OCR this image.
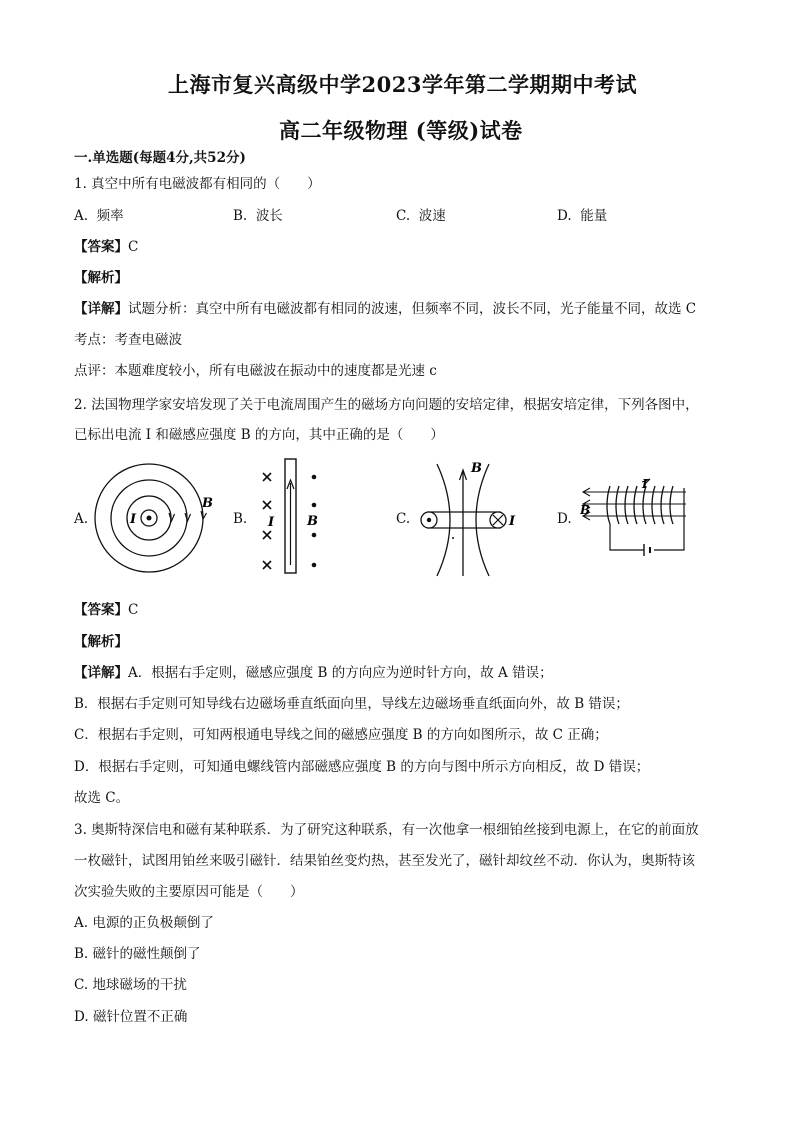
上海市复兴高级中学2023学年第二学期期中考试
高二年级物理 (等级)试卷
一.单选题(每题4分,共52分)
1. 真空中所有电磁波都有相同的（　　）
A. 频率	B. 波长	C. 波速	D. 能量
【答案】C
【解析】
【详解】试题分析：真空中所有电磁波都有相同的波速，但频率不同，波长不同，光子能量不同，故选 C
考点：考查电磁波
点评：本题难度较小，所有电磁波在振动中的速度都是光速 c
2. 法国物理学家安培发现了关于电流周围产生的磁场方向问题的安培定律，根据安培定律，下列各图中，
已标出电流 I 和磁感应强度 B 的方向，其中正确的是（　　）
A.	B.	C.	D.
I
B
I	B
B
I
I
B
【答案】C
【解析】
【详解】A．根据右手定则，磁感应强度 B 的方向应为逆时针方向，故 A 错误；
B．根据右手定则可知导线右边磁场垂直纸面向里，导线左边磁场垂直纸面向外，故 B 错误；
C．根据右手定则，可知两根通电导线之间的磁感应强度 B 的方向如图所示，故 C 正确；
D．根据右手定则，可知通电螺线管内部磁感应强度 B 的方向与图中所示方向相反，故 D 错误；
故选 C。
3. 奥斯特深信电和磁有某种联系．为了研究这种联系，有一次他拿一根细铂丝接到电源上，在它的前面放
一枚磁针，试图用铂丝来吸引磁针．结果铂丝变灼热，甚至发光了，磁针却纹丝不动．你认为，奥斯特该
次实验失败的主要原因可能是（　　）
A. 电源的正负极颠倒了
B. 磁针的磁性颠倒了
C. 地球磁场的干扰
D. 磁针位置不正确
